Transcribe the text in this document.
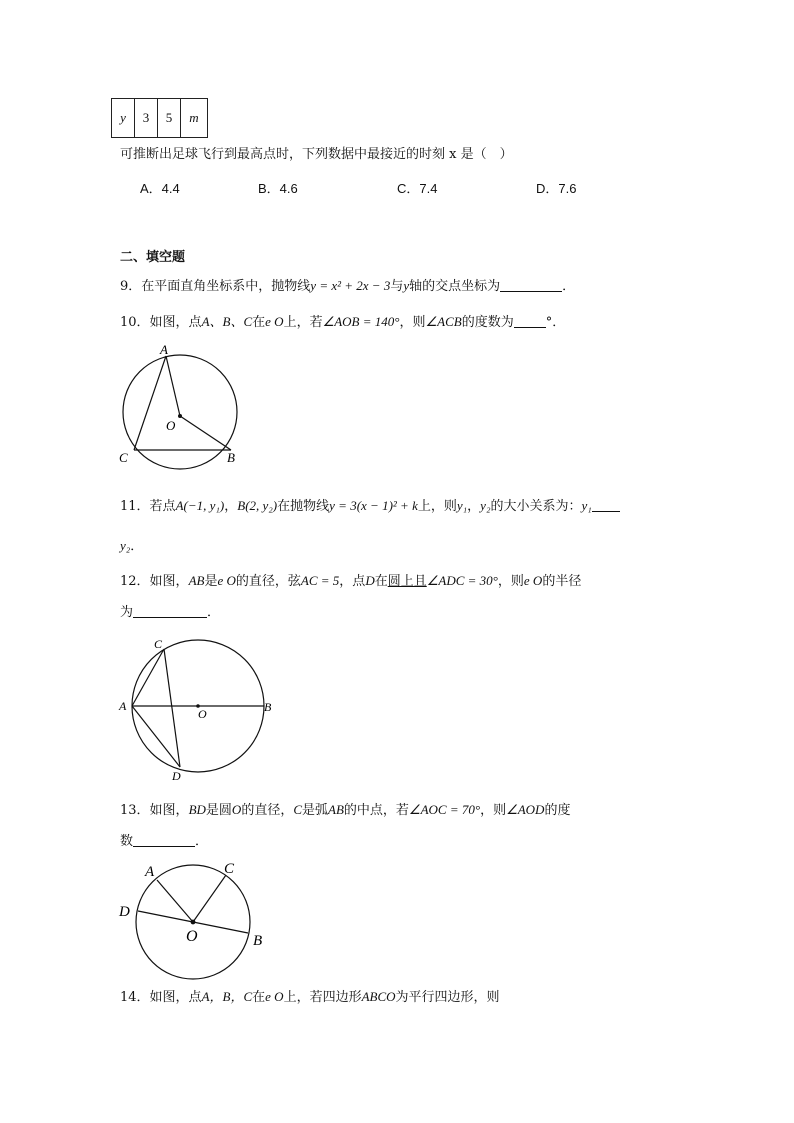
y	3	5	m
可推断出足球飞行到最高点时，下列数据中最接近的时刻 x 是（　）
A．4.4	B．4.6	C．7.4	D．7.6
二、填空题
9．在平面直角坐标系中，抛物线y = x² + 2x − 3与y轴的交点坐标为	．
10．如图，点A、B、C在e O上，若∠AOB = 140°，则∠ACB的度数为 °．
A
O
C	B
11．若点A(−1, y₁)，B(2, y₂)在抛物线y = 3(x − 1)² + k上，则y₁，y₂的大小关系为：y₁
y₂．
12．如图，AB是e O的直径，弦AC = 5，点D在圆上且∠ADC = 30°，则e O的半径
为	．
C
A
O	B
D
13．如图，BD是圆O的直径，C是弧AB的中点，若∠AOC = 70°，则∠AOD的度
数	．
A	C
D
O	B
14．如图，点A，B，C在e O上，若四边形ABCO为平行四边形，则
